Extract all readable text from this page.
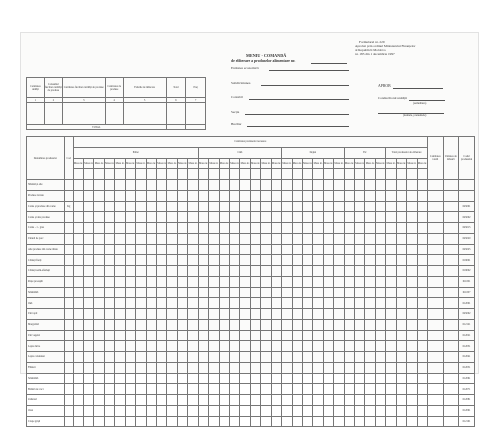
Formularul nr. 229
Aprobat prin ordinul Ministerului Finanțelor
al Republicii Moldova
nr. 183 din 1 decembrie 1997
MENIU - COMANDĂ
de eliberare a produselor alimentare nr.
Entitatea economică
Subdiviziunea
Contabil
Secția
Bucătar
APROB
Conducătorul unității
(semnătura)
(numele, prenumele)
Cantitatea unități	Consumul fiecărei cantități de produse	Cantitatea fiecărei cantități de produse	Cantitatea de produse	Felurile de mâncare	Total	Preț
1	2	3	4	5	6	7

TOTAL						
Denumirea produselor	Cod	Cantitatea produselor necesare																																		Cantitatea totală	Unitatea de măsură	Codul produsului
		Prânz												Cină								Dejun						Etc				Total produselor de eliberare						
		Masa nr.	Masa nr.	Masa nr.	Masa nr.	Masa nr.	Masa nr.	Masa nr.	Masa nr.	Masa nr.	Masa nr.	Masa nr.	Masa nr.	Masa nr.	Masa nr.	Masa nr.	Masa nr.	Masa nr.	Masa nr.	Masa nr.	Masa nr.	Masa nr.	Masa nr.	Masa nr.	Masa nr.	Masa nr.	Masa nr.	Masa nr.	Masa nr.	Masa nr.	Masa nr.	Masa nr.	Masa nr.	Masa nr.	Masa nr.			

Slănină și alte																																						
Produse lactate																																						
Carne și produse din carne	Kg																																					645001
Carne și alte produse																																						645002
Carne - 1 - gras																																						645015
Untură de porc																																						645020
Alte produse din carne tăiate																																						645025
Cârnați fierți																																						619001
Cârnați semi-afumați																																						619002
Pește proaspăt																																						611001
Smântână																																						611007
Ouă																																						612001
Unt topit																																						645002
Margarină																																						612121
Unt vegetal																																						612021
Lapte dulce																																						612031
Lapte condensat																																						612041
Făinuri																																						612051
Smântână																																						612061
Brânză de vaci																																						612071
Zaharuri																																						612081
Orez																																						612091
Crupe grișă																																						612101
